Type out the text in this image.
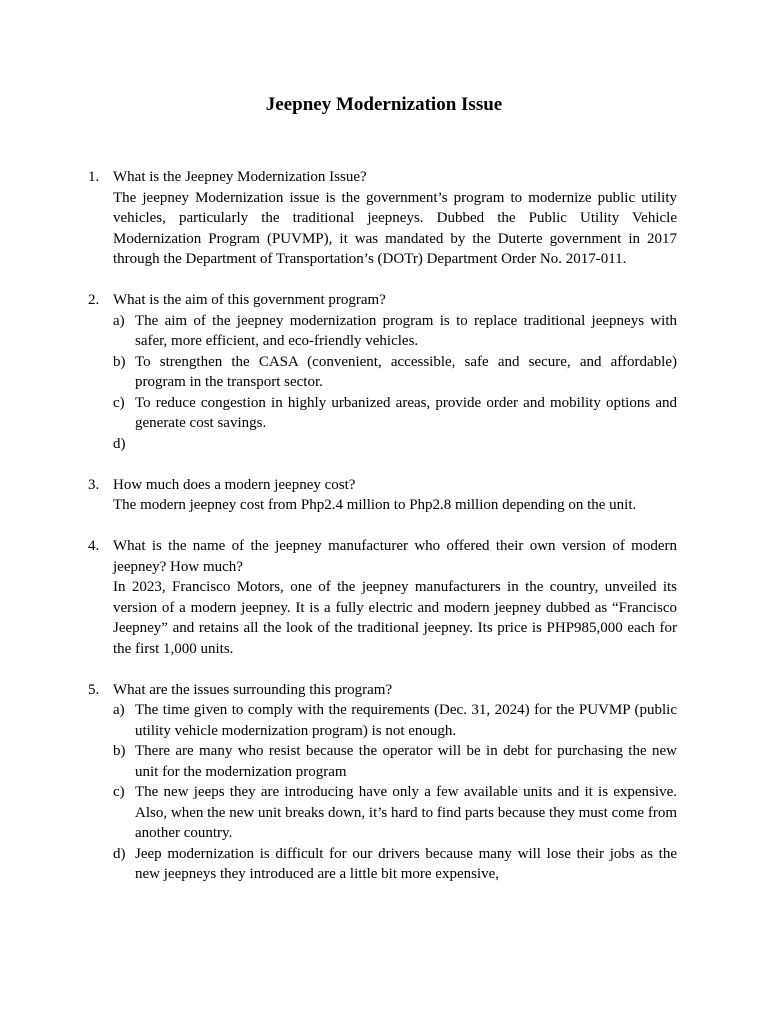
Jeepney Modernization Issue
1. What is the Jeepney Modernization Issue?
The jeepney Modernization issue is the government’s program to modernize public utility vehicles, particularly the traditional jeepneys. Dubbed the Public Utility Vehicle Modernization Program (PUVMP), it was mandated by the Duterte government in 2017 through the Department of Transportation’s (DOTr) Department Order No. 2017-011.
2. What is the aim of this government program?
a) The aim of the jeepney modernization program is to replace traditional jeepneys with safer, more efficient, and eco-friendly vehicles.
b) To strengthen the CASA (convenient, accessible, safe and secure, and affordable) program in the transport sector.
c) To reduce congestion in highly urbanized areas, provide order and mobility options and generate cost savings.
d)
3. How much does a modern jeepney cost?
The modern jeepney cost from Php2.4 million to Php2.8 million depending on the unit.
4. What is the name of the jeepney manufacturer who offered their own version of modern jeepney? How much?
In 2023, Francisco Motors, one of the jeepney manufacturers in the country, unveiled its version of a modern jeepney. It is a fully electric and modern jeepney dubbed as “Francisco Jeepney” and retains all the look of the traditional jeepney. Its price is PHP985,000 each for the first 1,000 units.
5. What are the issues surrounding this program?
a) The time given to comply with the requirements (Dec. 31, 2024) for the PUVMP (public utility vehicle modernization program) is not enough.
b) There are many who resist because the operator will be in debt for purchasing the new unit for the modernization program
c) The new jeeps they are introducing have only a few available units and it is expensive. Also, when the new unit breaks down, it’s hard to find parts because they must come from another country.
d) Jeep modernization is difficult for our drivers because many will lose their jobs as the new jeepneys they introduced are a little bit more expensive,
